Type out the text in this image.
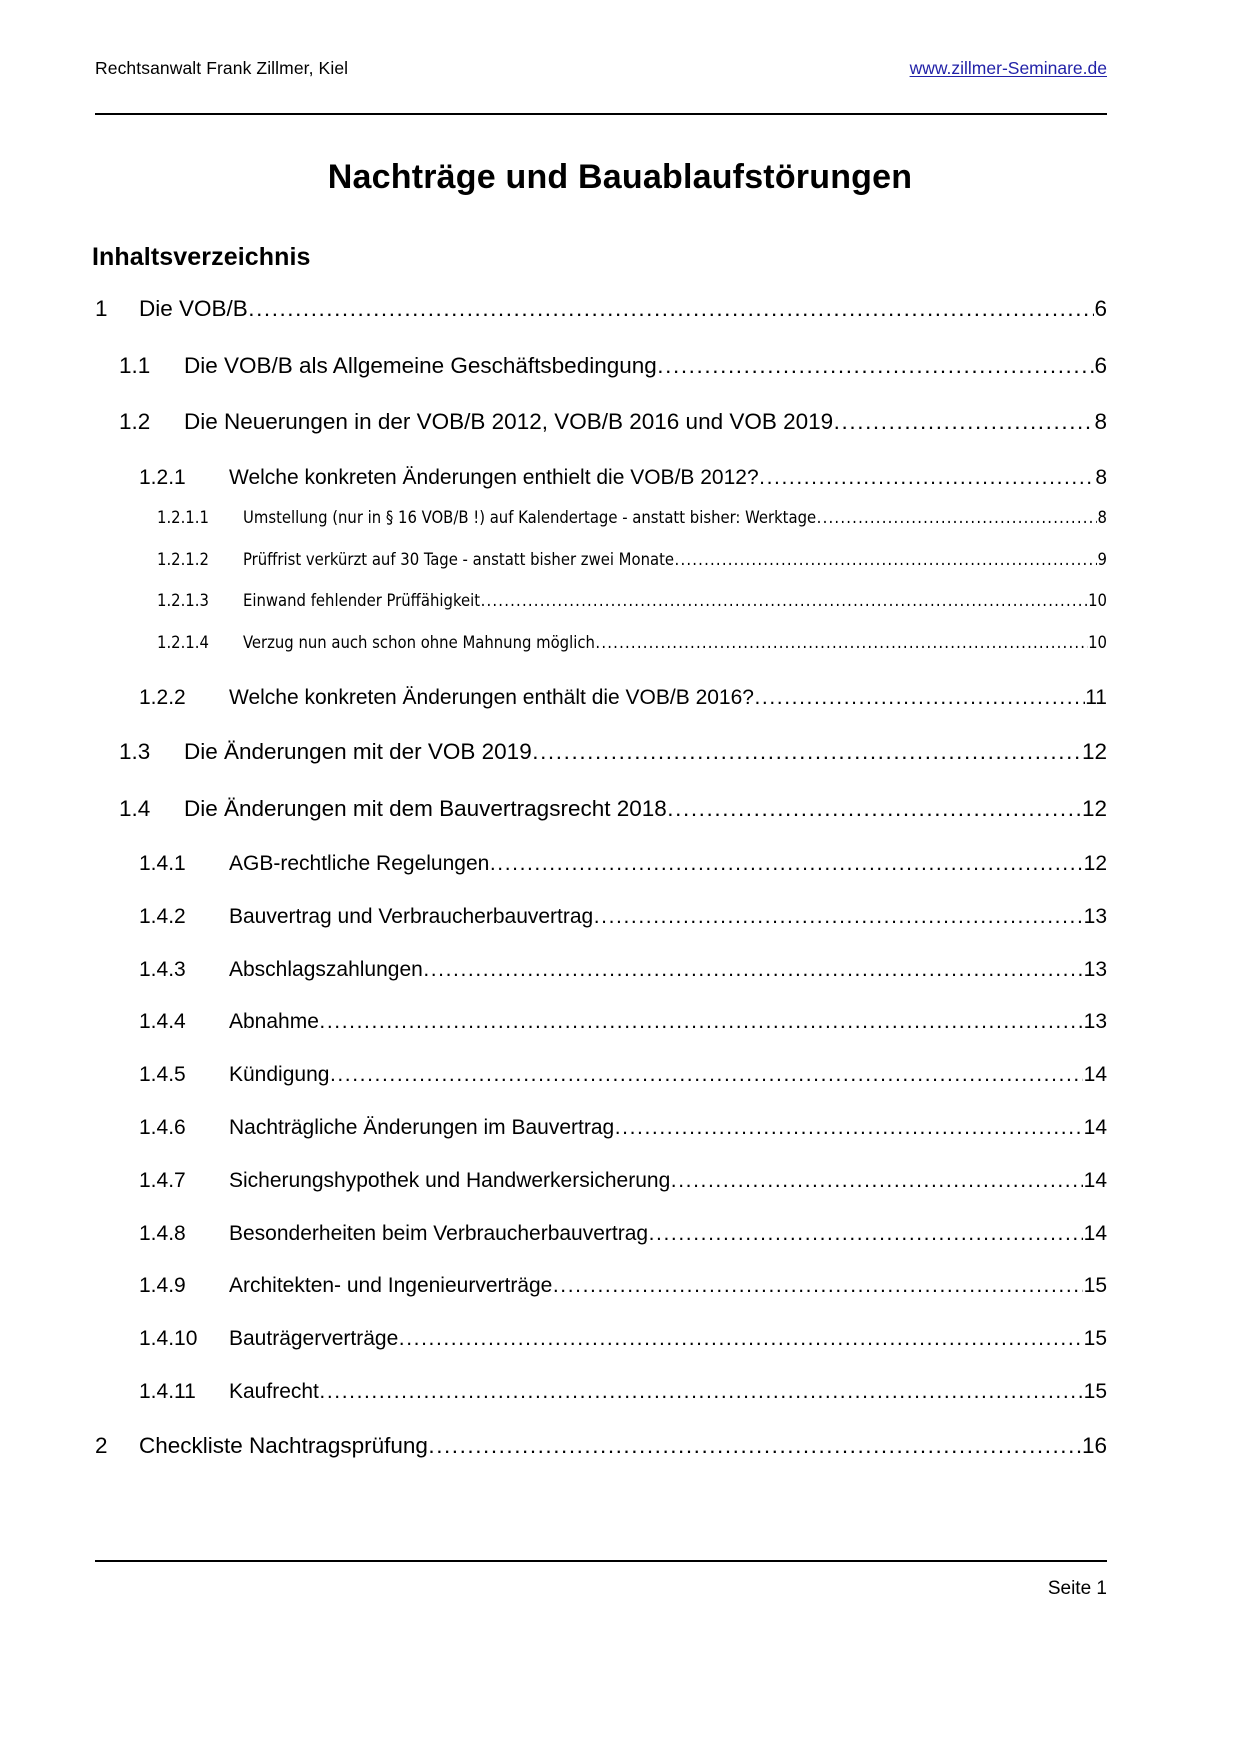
Rechtsanwalt Frank Zillmer, Kiel	www.zillmer-Seminare.de
Nachträge und Bauablaufstörungen
Inhaltsverzeichnis
1	Die VOB/B .....	6
1.1	Die VOB/B als Allgemeine Geschäftsbedingung .....	6
1.2	Die Neuerungen in der VOB/B 2012, VOB/B 2016 und VOB 2019 .....	8
1.2.1	Welche konkreten Änderungen enthielt die VOB/B 2012? .....	8
1.2.1.1	Umstellung (nur in § 16 VOB/B !) auf Kalendertage - anstatt bisher: Werktage .....	8
1.2.1.2	Prüffrist verkürzt auf 30 Tage - anstatt bisher zwei Monate .....	9
1.2.1.3	Einwand fehlender Prüffähigkeit .....	10
1.2.1.4	Verzug nun auch schon ohne Mahnung möglich .....	10
1.2.2	Welche konkreten Änderungen enthält die VOB/B 2016? .....	11
1.3	Die Änderungen mit der VOB 2019 .....	12
1.4	Die Änderungen mit dem Bauvertragsrecht 2018 .....	12
1.4.1	AGB-rechtliche Regelungen .....	12
1.4.2	Bauvertrag und Verbraucherbauvertrag .....	13
1.4.3	Abschlagszahlungen .....	13
1.4.4	Abnahme .....	13
1.4.5	Kündigung .....	14
1.4.6	Nachträgliche Änderungen im Bauvertrag .....	14
1.4.7	Sicherungshypothek und Handwerkersicherung .....	14
1.4.8	Besonderheiten beim Verbraucherbauvertrag .....	14
1.4.9	Architekten- und Ingenieurverträge .....	15
1.4.10	Bauträgerverträge .....	15
1.4.11	Kaufrecht .....	15
2	Checkliste Nachtragsprüfung .....	16
Seite 1
